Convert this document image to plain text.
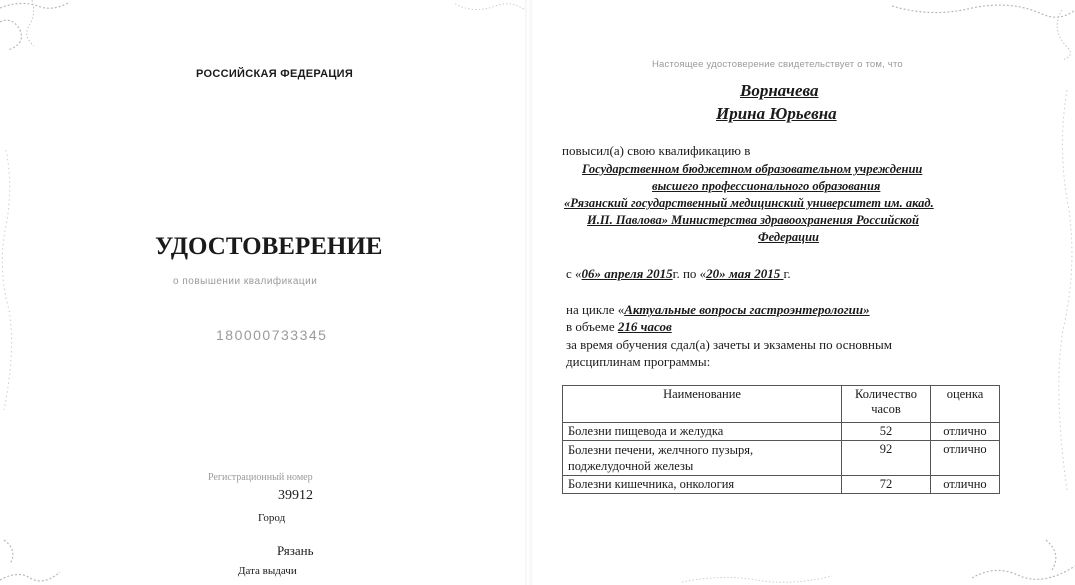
РОССИЙСКАЯ ФЕДЕРАЦИЯ
УДОСТОВЕРЕНИЕ
о повышении квалификации
180000733345
Регистрационный номер
39912
Город
Рязань
Дата выдачи
Настоящее удостоверение свидетельствует о том, что
Ворначева
Ирина Юрьевна
повысил(а) свою квалификацию в
Государственном бюджетном образовательном учреждении
высшего профессионального образования
«Рязанский государственный медицинский университет им. акад.
И.П. Павлова» Министерства здравоохранения Российской
Федерации
с «06» апреля 2015г. по «20» мая 2015 г.
на цикле «Актуальные вопросы гастроэнтерологии»
в объеме 216 часов
за время обучения сдал(а) зачеты и экзамены по основным
дисциплинам программы:
Наименование	Количество часов	оценка
Болезни пищевода и желудка	52	отлично
Болезни печени, желчного пузыря, поджелудочной железы	92	отлично
Болезни кишечника, онкология	72	отлично
